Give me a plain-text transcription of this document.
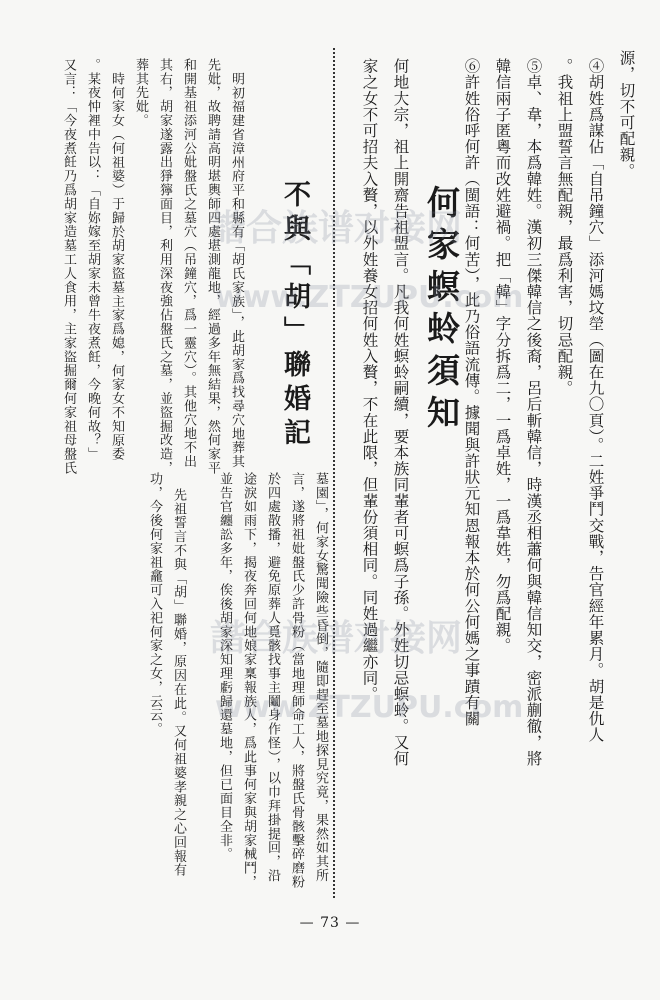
源，切不可配親。
④胡姓爲謀佔「自吊鐘穴」添河媽坟塋（圖在九〇頁）。二姓爭鬥交戰，告官經年累月。胡是仇人
。我祖上盟誓言無配親，最爲利害，切忌配親。
⑤卓、韋，本爲韓姓。漢初三傑韓信之後裔，呂后斬韓信，時漢丞相蕭何與韓信知交，密派蒯徹，將
韓信兩子匿粵而改姓避禍。把「韓」字分拆爲二，一爲卓姓，一爲韋姓，勿爲配親。
⑥許姓俗呼何許（閩語：何苦），此乃俗語流傳。據聞與許狀元知恩報本於何公何媽之事蹟有關
何家螟蛉須知
何地大宗，祖上開齋告祖盟言。凡我何姓螟蛉嗣續，要本族同輩者可螟爲子孫。外姓切忌螟蛉。又何
家之女不可招夫入贅，以外姓養女招何姓入贅，不在此限，但輩份須相同。同姓過繼亦同。
墓園」，何家女驚聞險些昏倒，隨即趕至墓地探見究竟，果然如其所
言，遂將祖妣盤氏少許骨粉（當地理師命工人，將盤氏骨骸擊碎磨粉
於四處散播，避免原葬人覓骸找事主鬮身作怪），以巾拜掛提回，沿
途淚如雨下，揭夜奔回何地娘家稟報族人，爲此事何家與胡家械鬥，
並告官纏訟多年，俟後胡家深知理虧歸還墓地，但已面目全非。
先祖誓言不與「胡」聯婚，原因在此。又何祖婆孝親之心回報有
功，今後何家祖龕可入祀何家之女，云云。
不與「胡」聯婚記
明初福建省漳州府平和縣有「胡氏家族」，此胡家爲找尋穴地葬其
先妣，故聘請高明堪輿師四處堪測龍地，經過多年無結果，然何家平
和開基祖添河公妣盤氏之墓穴（吊鐘穴，爲一靈穴）。其他穴地不出
其右，胡家遂露出猙獰面目，利用深夜強佔盤氏之墓，並盜掘改造，
葬其先妣。
時何家女（何祖婆）于歸於胡家盜墓主家爲媳，何家女不知原委
。某夜忡裡中告以：「自妳嫁至胡家未曾牛夜煮飪，今晚何故？」
又言：「今夜煮飪乃爲胡家造墓工人食用，主家盜掘爾何家祖母盤氏	諧合族谱对接网
www.ZTZUPU.com
諧合族谱对接网
www.ZTZUPU.com
— 73 —
